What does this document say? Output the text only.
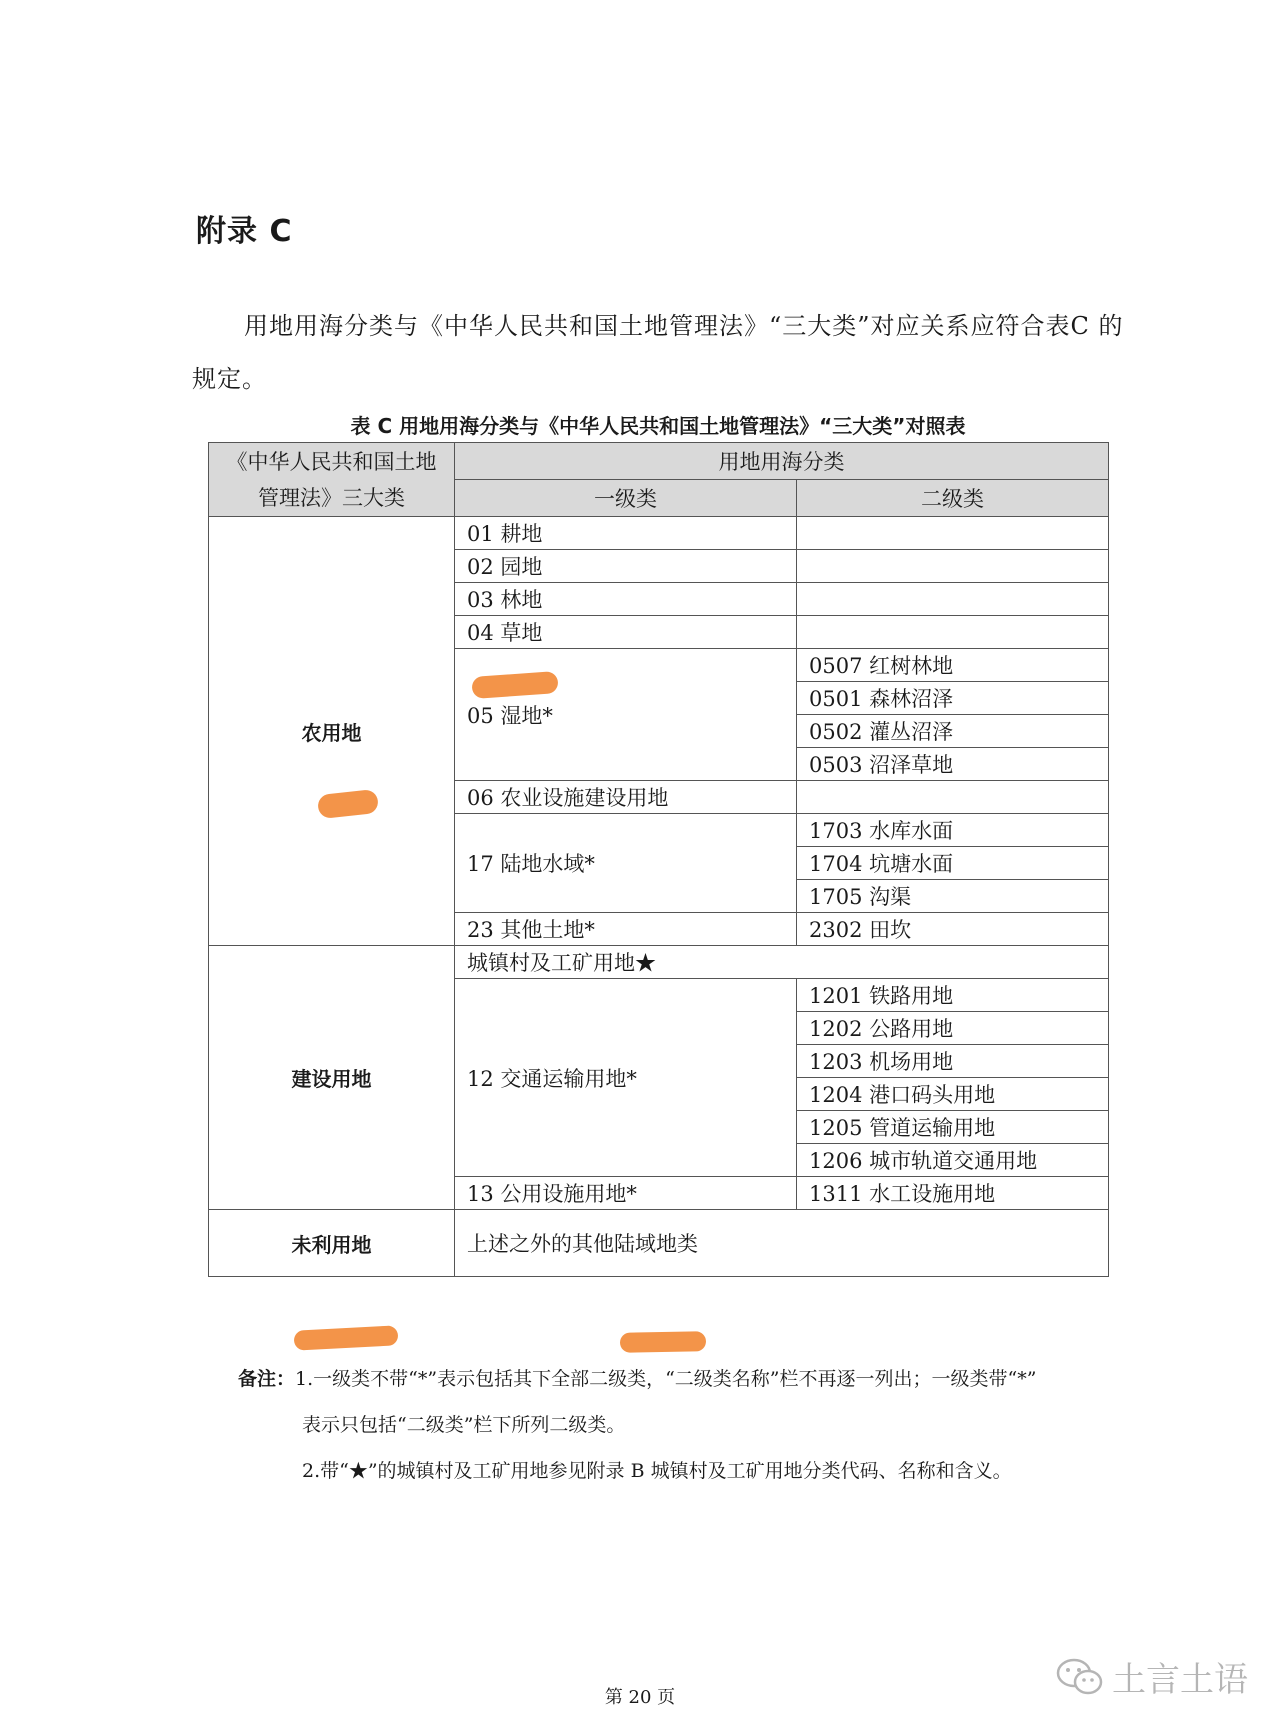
附录 C
用地用海分类与《中华人民共和国土地管理法》“三大类”对应关系应符合表C 的规定。
表 C 用地用海分类与《中华人民共和国土地管理法》“三大类”对照表
《中华人民共和国土地管理法》三大类	用地用海分类	
	一级类	二级类
农用地	01 耕地	
	02 园地	
	03 林地	
	04 草地	
	05 湿地*	0507 红树林地
		0501 森林沼泽
		0502 灌丛沼泽
		0503 沼泽草地
	06 农业设施建设用地	
	17 陆地水域*	1703 水库水面
		1704 坑塘水面
		1705 沟渠
	23 其他土地*	2302 田坎
建设用地	城镇村及工矿用地★	
	12 交通运输用地*	1201 铁路用地
		1202 公路用地
		1203 机场用地
		1204 港口码头用地
		1205 管道运输用地
		1206 城市轨道交通用地
	13 公用设施用地*	1311 水工设施用地
未利用地	上述之外的其他陆域地类	
备注：1.一级类不带“*”表示包括其下全部二级类，“二级类名称”栏不再逐一列出；一级类带“*”
表示只包括“二级类”栏下所列二级类。
2.带“★”的城镇村及工矿用地参见附录 B 城镇村及工矿用地分类代码、名称和含义。
第 20 页	土言土语
